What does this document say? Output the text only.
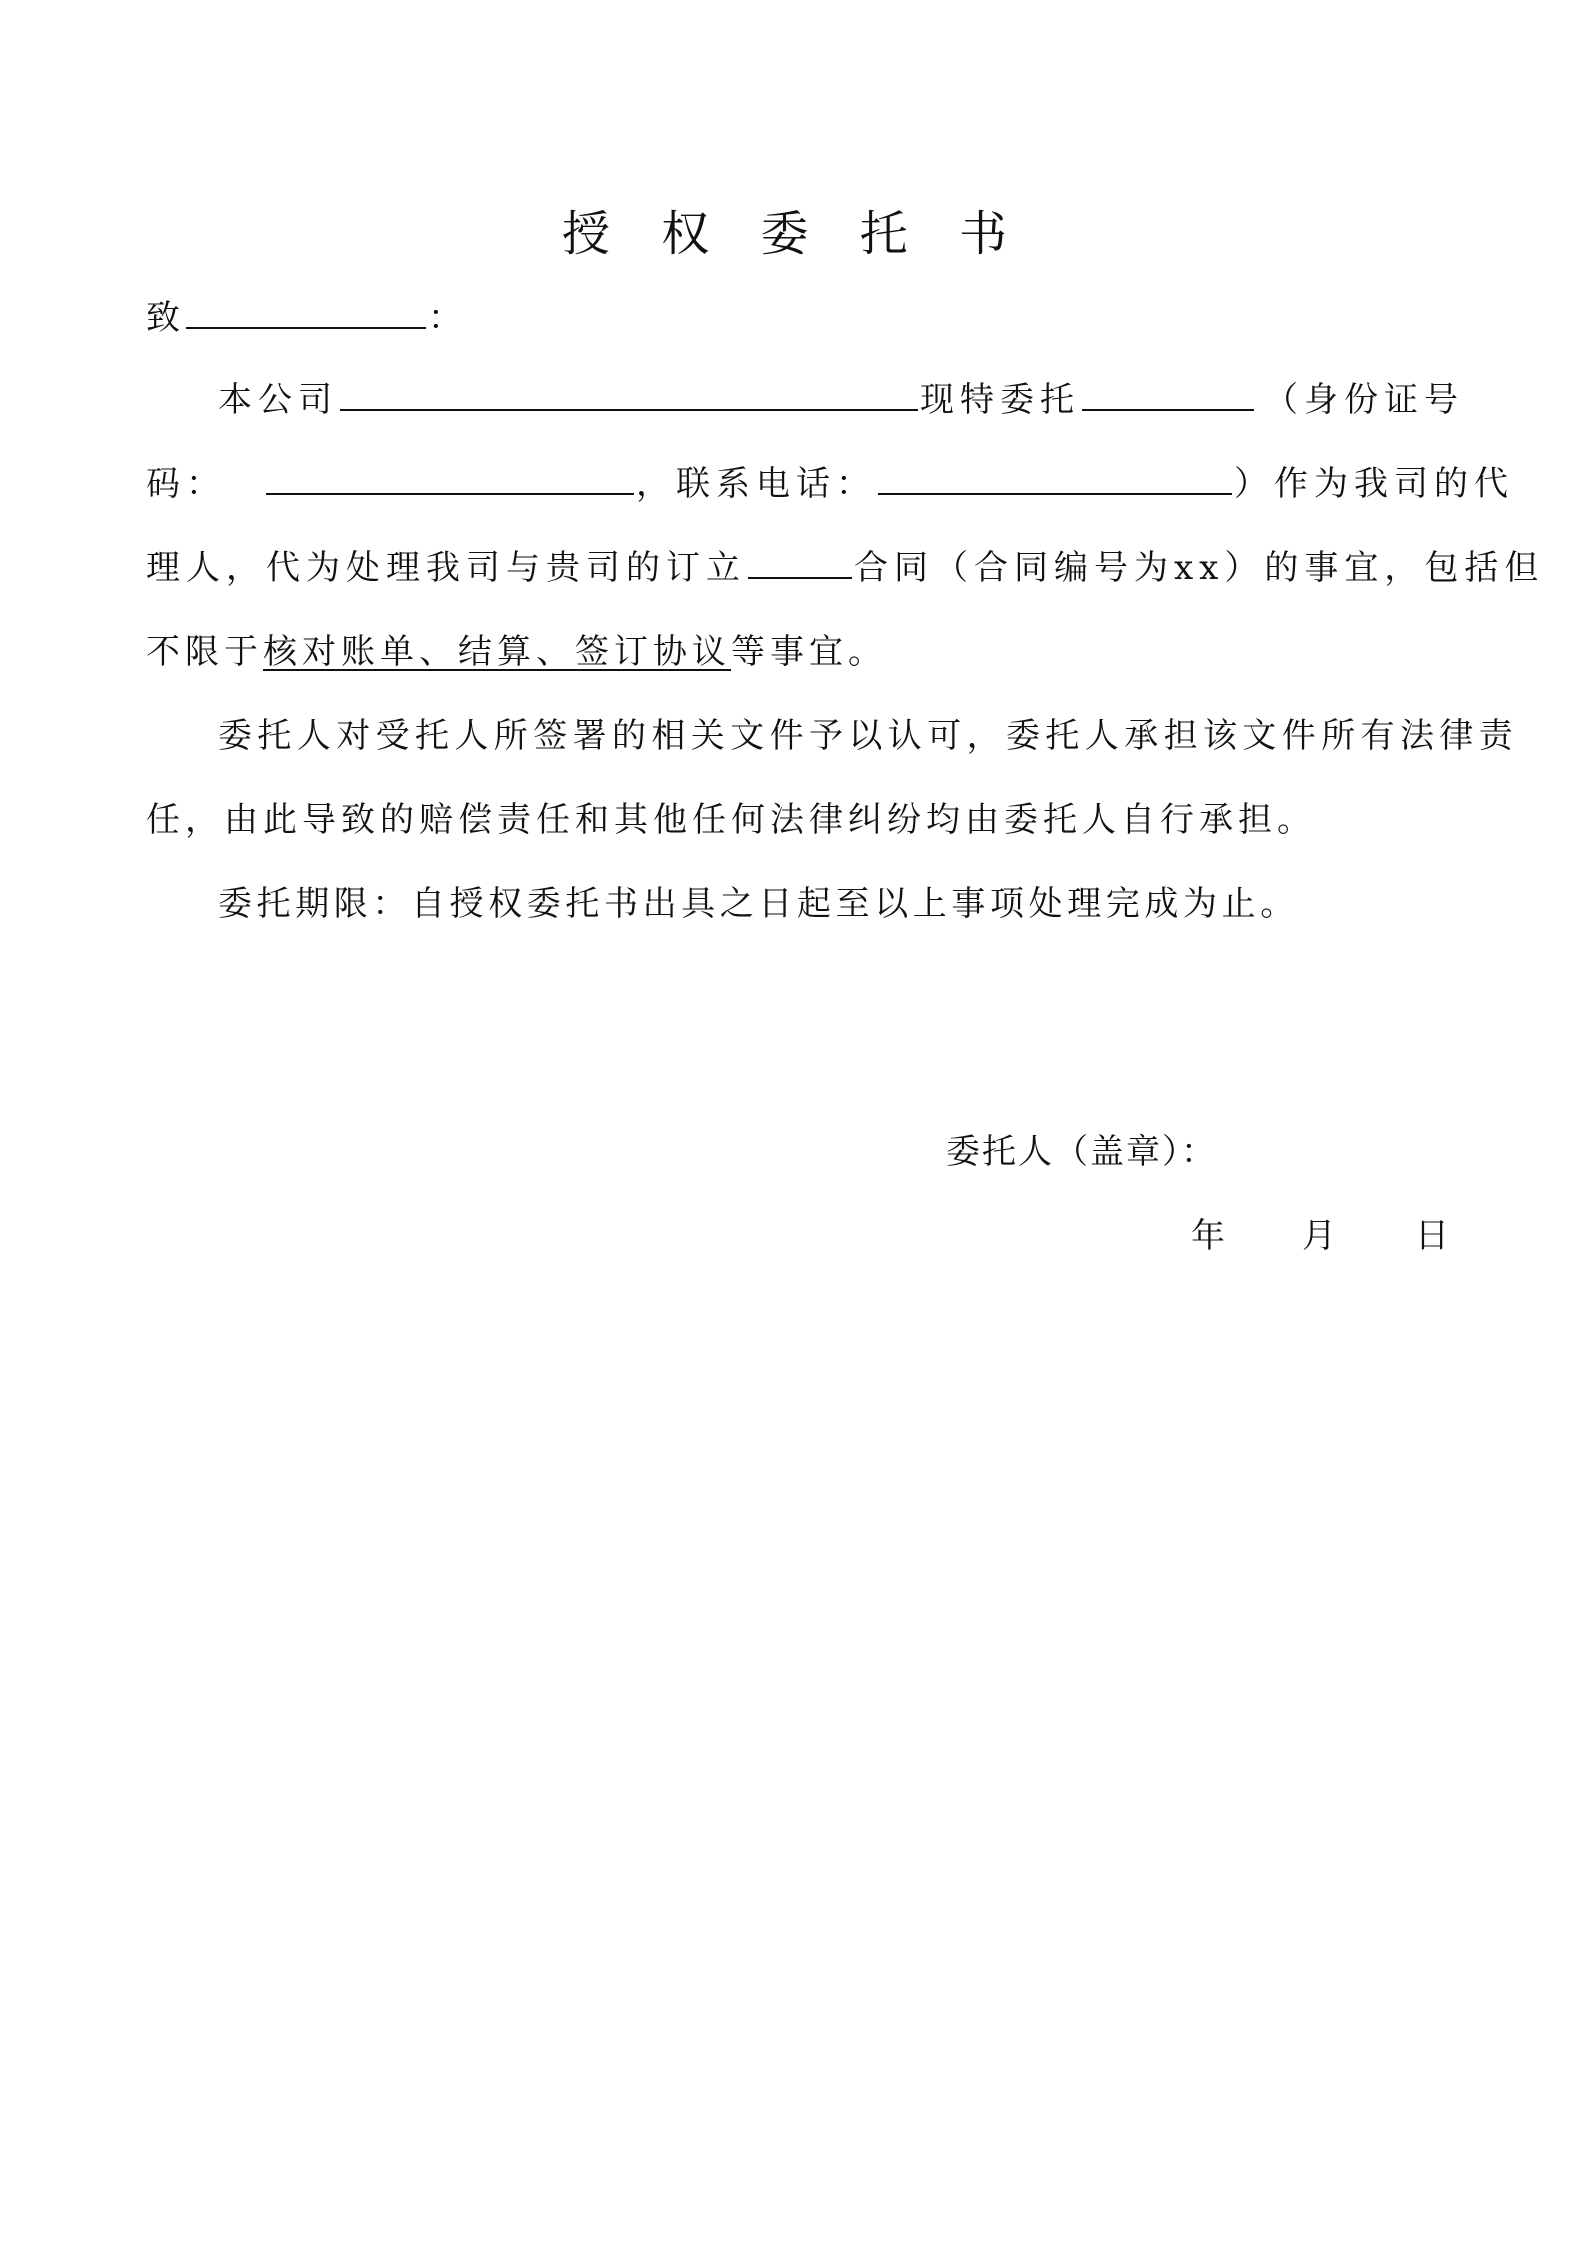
授 权 委 托 书
致	：
本公司	现特委托	（身份证号
码：	，联系电话：	）作为我司的代
理人，代为处理我司与贵司的订立	合同（合同编号为xx）的事宜，包括但
不限于核对账单、结算、签订协议等事宜。
委托人对受托人所签署的相关文件予以认可，委托人承担该文件所有法律责
任，由此导致的赔偿责任和其他任何法律纠纷均由委托人自行承担。
委托期限：自授权委托书出具之日起至以上事项处理完成为止。
委托人（盖章）：
年 月 日
